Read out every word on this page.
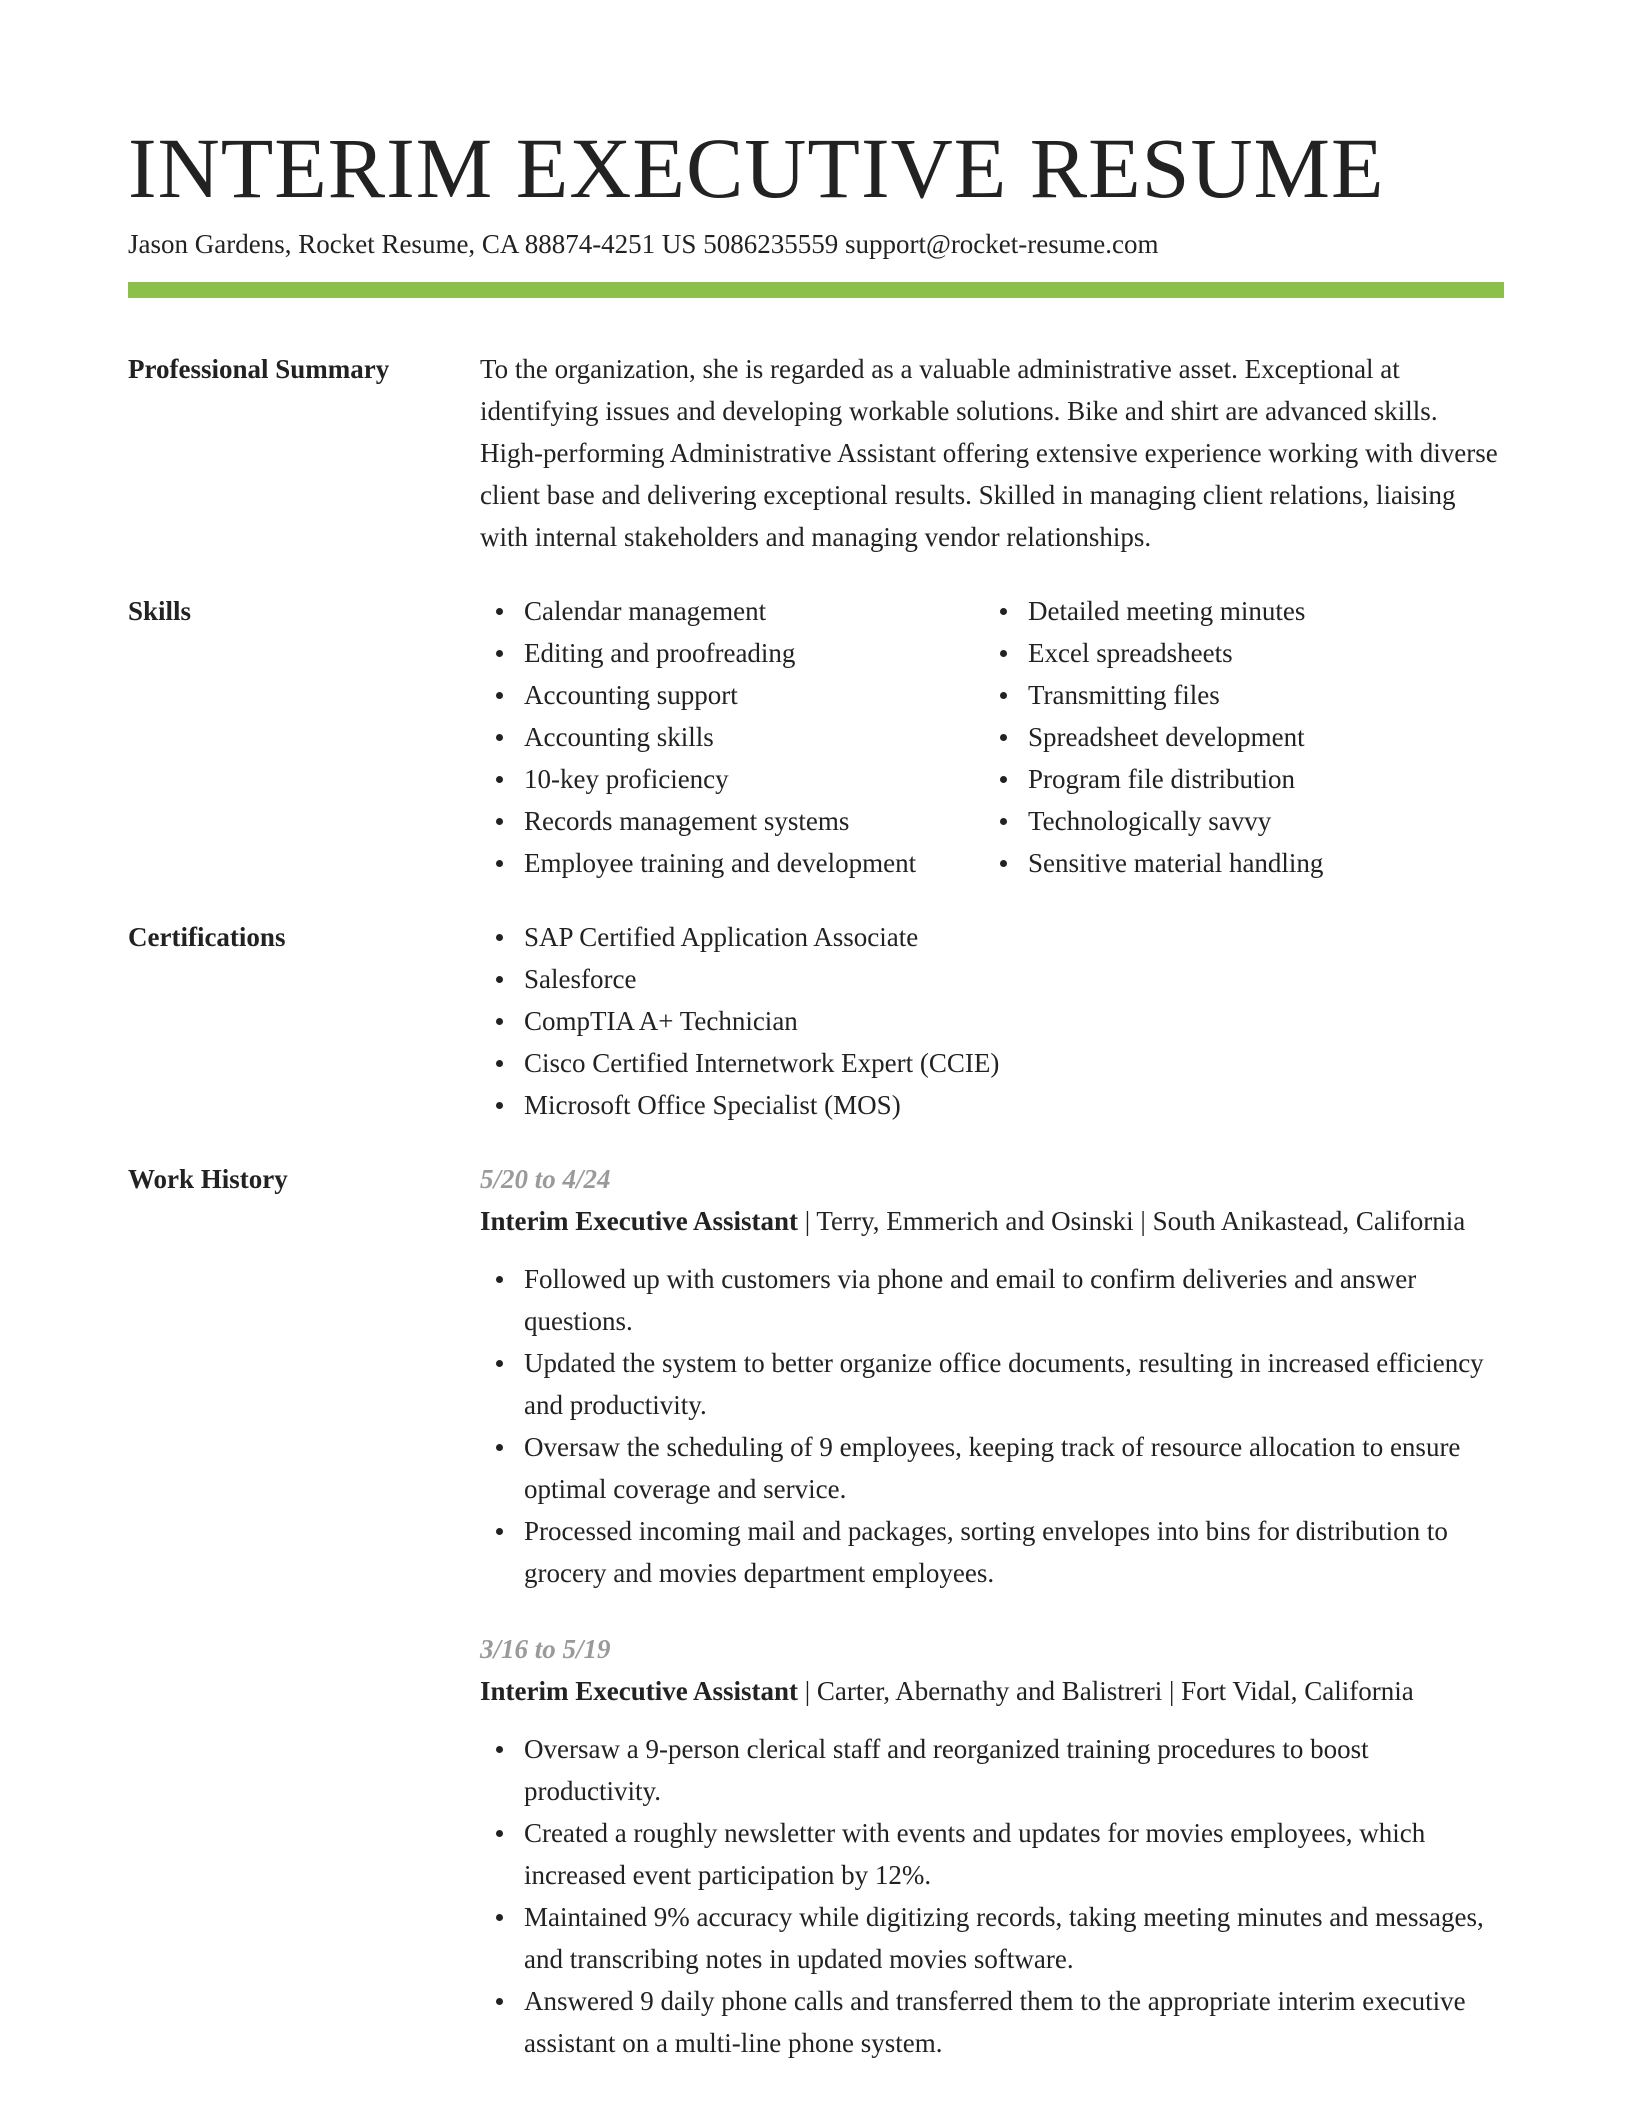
INTERIM EXECUTIVE RESUME
Jason Gardens, Rocket Resume, CA 88874-4251 US 5086235559 support@rocket-resume.com
Professional Summary	To the organization, she is regarded as a valuable administrative asset. Exceptional at identifying issues and developing workable solutions. Bike and shirt are advanced skills. High-performing Administrative Assistant offering extensive experience working with diverse client base and delivering exceptional results. Skilled in managing client relations, liaising with internal stakeholders and managing vendor relationships.
Skills	Calendar management
Editing and proofreading
Accounting support
Accounting skills
10-key proficiency
Records management systems
Employee training and development
Detailed meeting minutes
Excel spreadsheets
Transmitting files
Spreadsheet development
Program file distribution
Technologically savvy
Sensitive material handling
Certifications	SAP Certified Application Associate
Salesforce
CompTIA A+ Technician
Cisco Certified Internetwork Expert (CCIE)
Microsoft Office Specialist (MOS)
Work History	5/20 to 4/24
Interim Executive Assistant | Terry, Emmerich and Osinski | South Anikastead, California
Followed up with customers via phone and email to confirm deliveries and answer questions.
Updated the system to better organize office documents, resulting in increased efficiency and productivity.
Oversaw the scheduling of 9 employees, keeping track of resource allocation to ensure optimal coverage and service.
Processed incoming mail and packages, sorting envelopes into bins for distribution to grocery and movies department employees.
3/16 to 5/19
Interim Executive Assistant | Carter, Abernathy and Balistreri | Fort Vidal, California
Oversaw a 9-person clerical staff and reorganized training procedures to boost productivity.
Created a roughly newsletter with events and updates for movies employees, which increased event participation by 12%.
Maintained 9% accuracy while digitizing records, taking meeting minutes and messages, and transcribing notes in updated movies software.
Answered 9 daily phone calls and transferred them to the appropriate interim executive assistant on a multi-line phone system.
